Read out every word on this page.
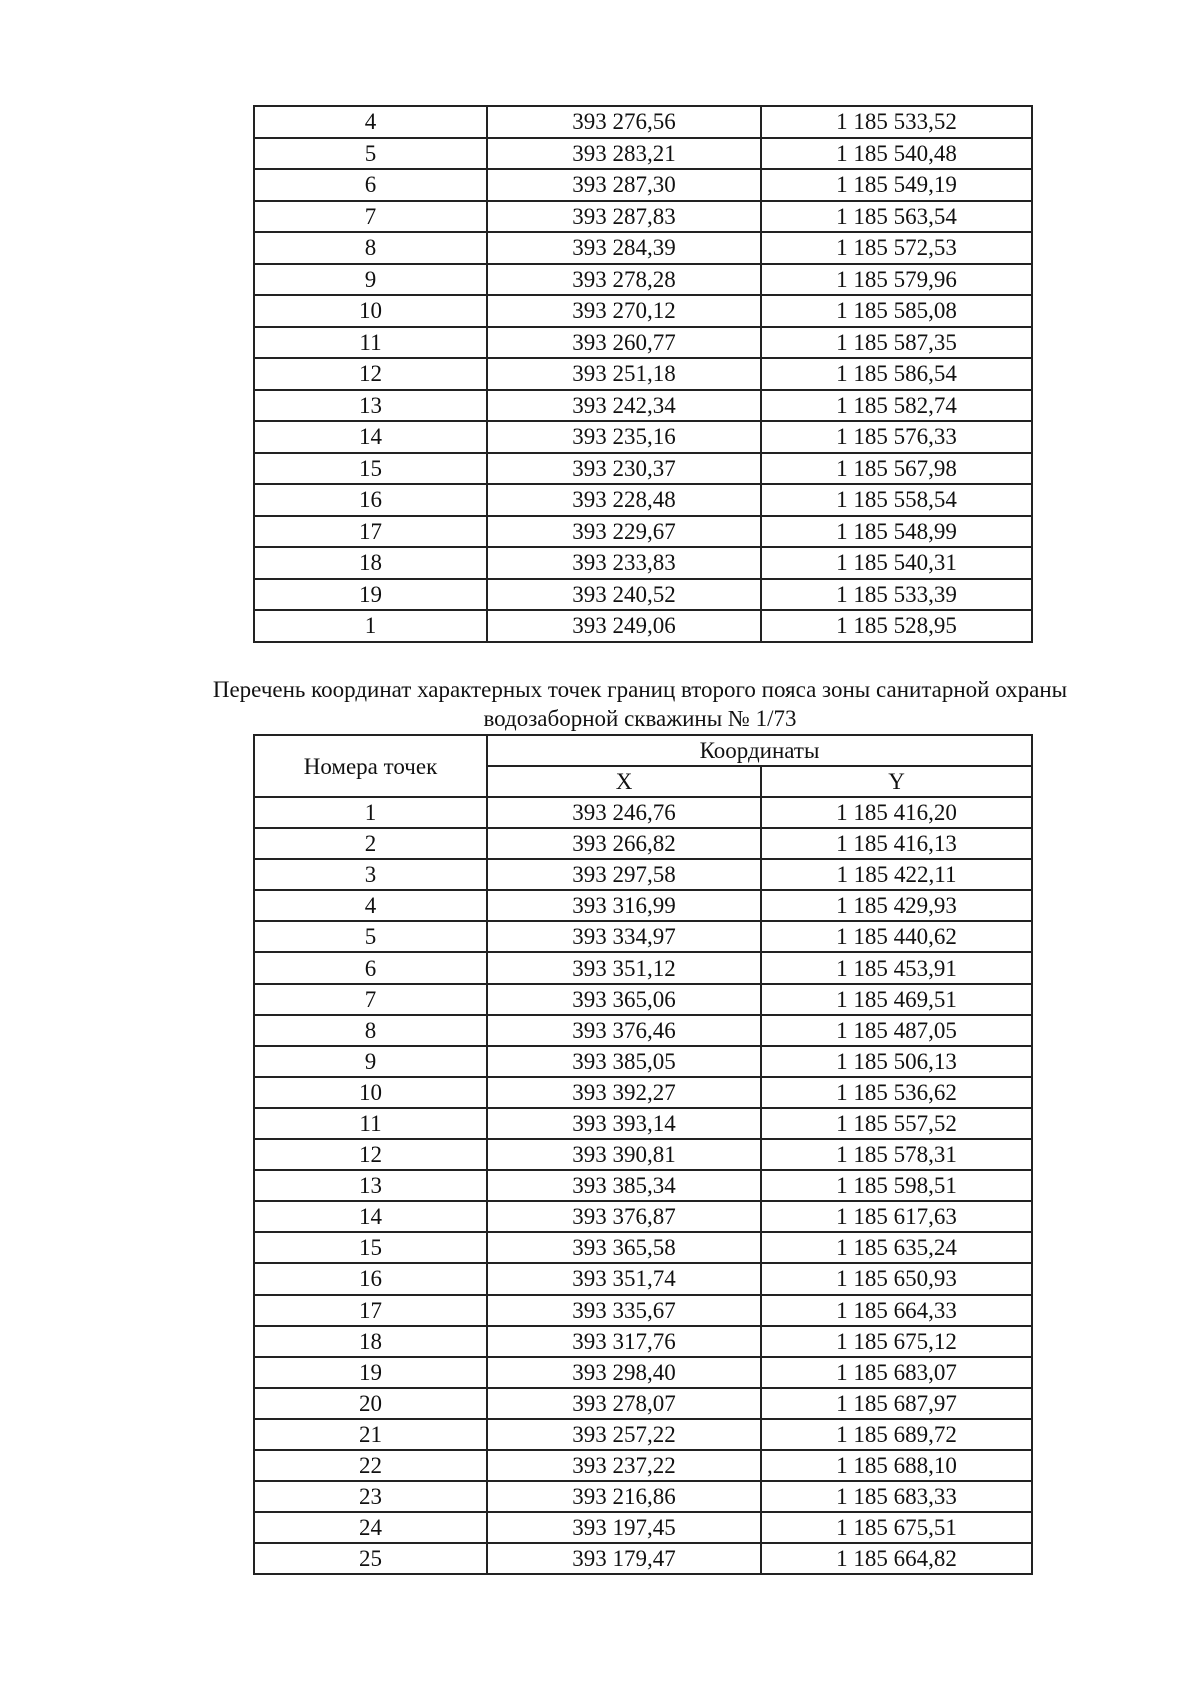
4	393 276,56	1 185 533,52
5	393 283,21	1 185 540,48
6	393 287,30	1 185 549,19
7	393 287,83	1 185 563,54
8	393 284,39	1 185 572,53
9	393 278,28	1 185 579,96
10	393 270,12	1 185 585,08
11	393 260,77	1 185 587,35
12	393 251,18	1 185 586,54
13	393 242,34	1 185 582,74
14	393 235,16	1 185 576,33
15	393 230,37	1 185 567,98
16	393 228,48	1 185 558,54
17	393 229,67	1 185 548,99
18	393 233,83	1 185 540,31
19	393 240,52	1 185 533,39
1	393 249,06	1 185 528,95

Перечень координат характерных точек границ второго пояса зоны санитарной охраны водозаборной скважины № 1/73

Номера точек	Координаты	
	X	Y
1	393 246,76	1 185 416,20
2	393 266,82	1 185 416,13
3	393 297,58	1 185 422,11
4	393 316,99	1 185 429,93
5	393 334,97	1 185 440,62
6	393 351,12	1 185 453,91
7	393 365,06	1 185 469,51
8	393 376,46	1 185 487,05
9	393 385,05	1 185 506,13
10	393 392,27	1 185 536,62
11	393 393,14	1 185 557,52
12	393 390,81	1 185 578,31
13	393 385,34	1 185 598,51
14	393 376,87	1 185 617,63
15	393 365,58	1 185 635,24
16	393 351,74	1 185 650,93
17	393 335,67	1 185 664,33
18	393 317,76	1 185 675,12
19	393 298,40	1 185 683,07
20	393 278,07	1 185 687,97
21	393 257,22	1 185 689,72
22	393 237,22	1 185 688,10
23	393 216,86	1 185 683,33
24	393 197,45	1 185 675,51
25	393 179,47	1 185 664,82
